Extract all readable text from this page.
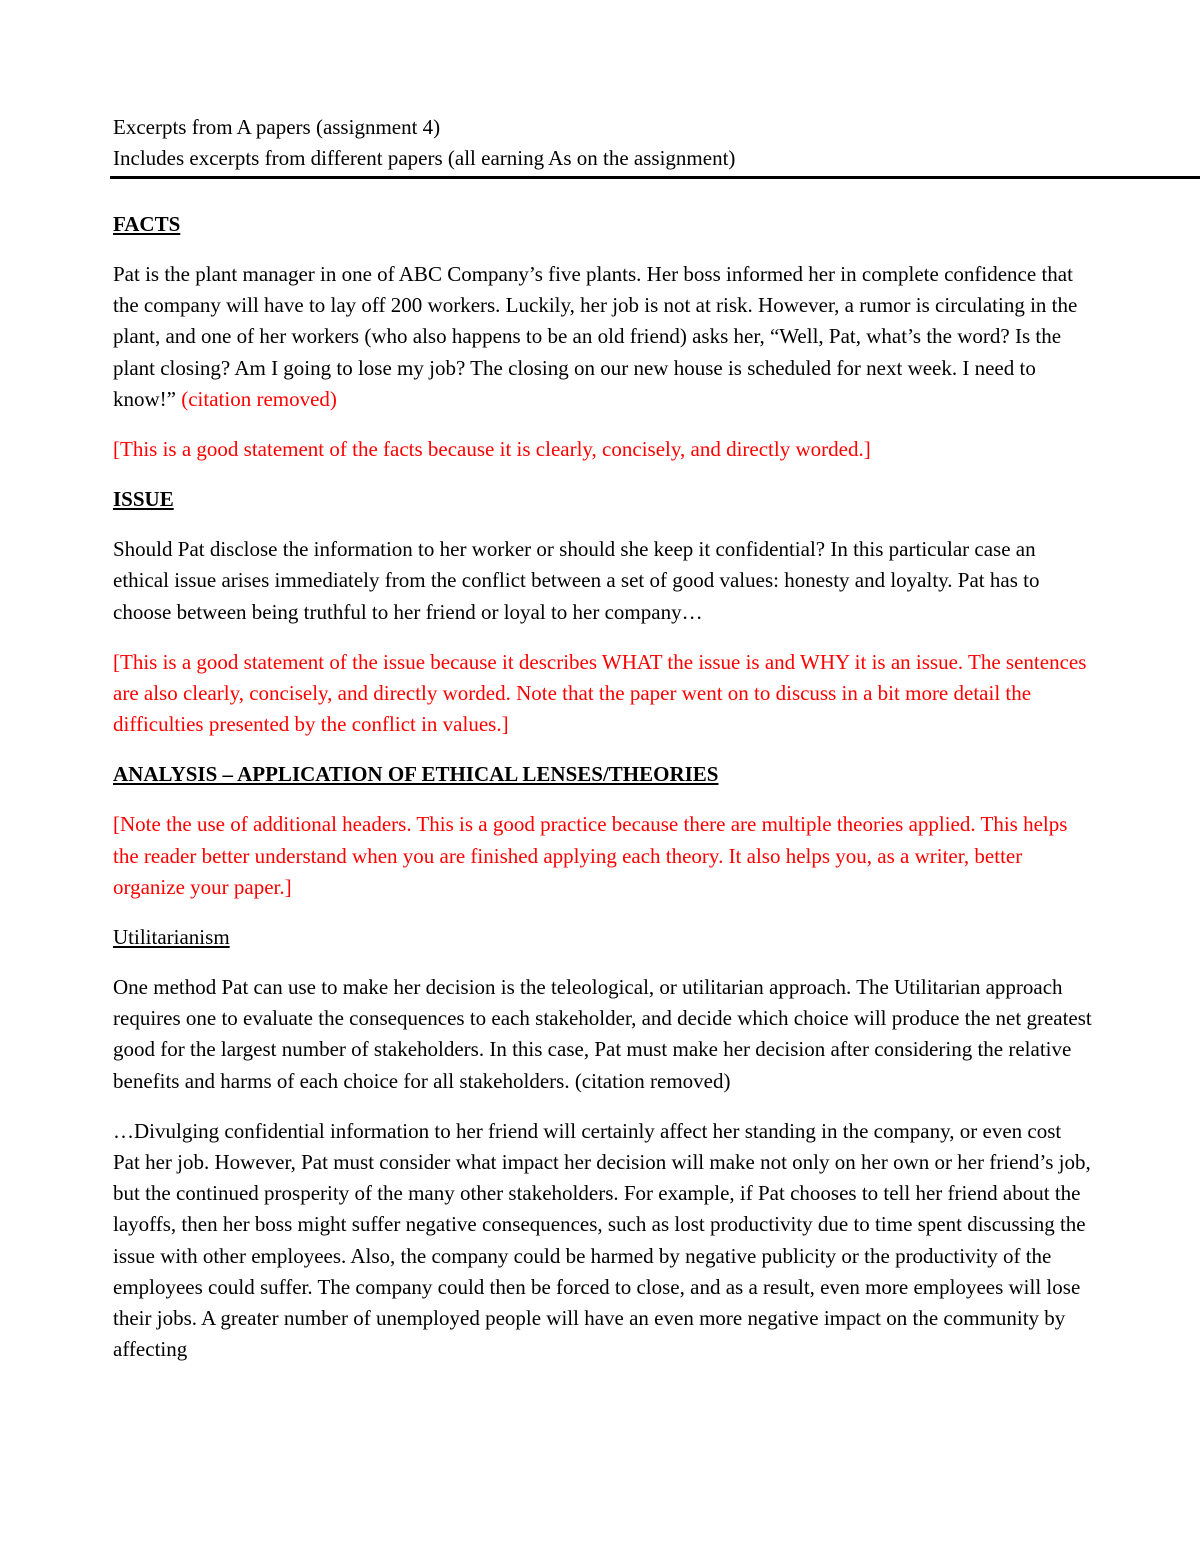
Excerpts from A papers (assignment 4)

Includes excerpts from different papers (all earning As on the assignment)

FACTS

Pat is the plant manager in one of ABC Company’s five plants. Her boss informed her in complete confidence that the company will have to lay off 200 workers. Luckily, her job is not at risk. However, a rumor is circulating in the plant, and one of her workers (who also happens to be an old friend) asks her, “Well, Pat, what’s the word? Is the plant closing? Am I going to lose my job? The closing on our new house is scheduled for next week. I need to know!” (citation removed)

[This is a good statement of the facts because it is clearly, concisely, and directly worded.]

ISSUE

Should Pat disclose the information to her worker or should she keep it confidential? In this particular case an ethical issue arises immediately from the conflict between a set of good values: honesty and loyalty. Pat has to choose between being truthful to her friend or loyal to her company…

[This is a good statement of the issue because it describes WHAT the issue is and WHY it is an issue. The sentences are also clearly, concisely, and directly worded. Note that the paper went on to discuss in a bit more detail the difficulties presented by the conflict in values.]

ANALYSIS – APPLICATION OF ETHICAL LENSES/THEORIES

[Note the use of additional headers. This is a good practice because there are multiple theories applied. This helps the reader better understand when you are finished applying each theory. It also helps you, as a writer, better organize your paper.]

Utilitarianism

One method Pat can use to make her decision is the teleological, or utilitarian approach. The Utilitarian approach requires one to evaluate the consequences to each stakeholder, and decide which choice will produce the net greatest good for the largest number of stakeholders. In this case, Pat must make her decision after considering the relative benefits and harms of each choice for all stakeholders. (citation removed)

…Divulging confidential information to her friend will certainly affect her standing in the company, or even cost Pat her job. However, Pat must consider what impact her decision will make not only on her own or her friend’s job, but the continued prosperity of the many other stakeholders. For example, if Pat chooses to tell her friend about the layoffs, then her boss might suffer negative consequences, such as lost productivity due to time spent discussing the issue with other employees. Also, the company could be harmed by negative publicity or the productivity of the employees could suffer. The company could then be forced to close, and as a result, even more employees will lose their jobs. A greater number of unemployed people will have an even more negative impact on the community by affecting
